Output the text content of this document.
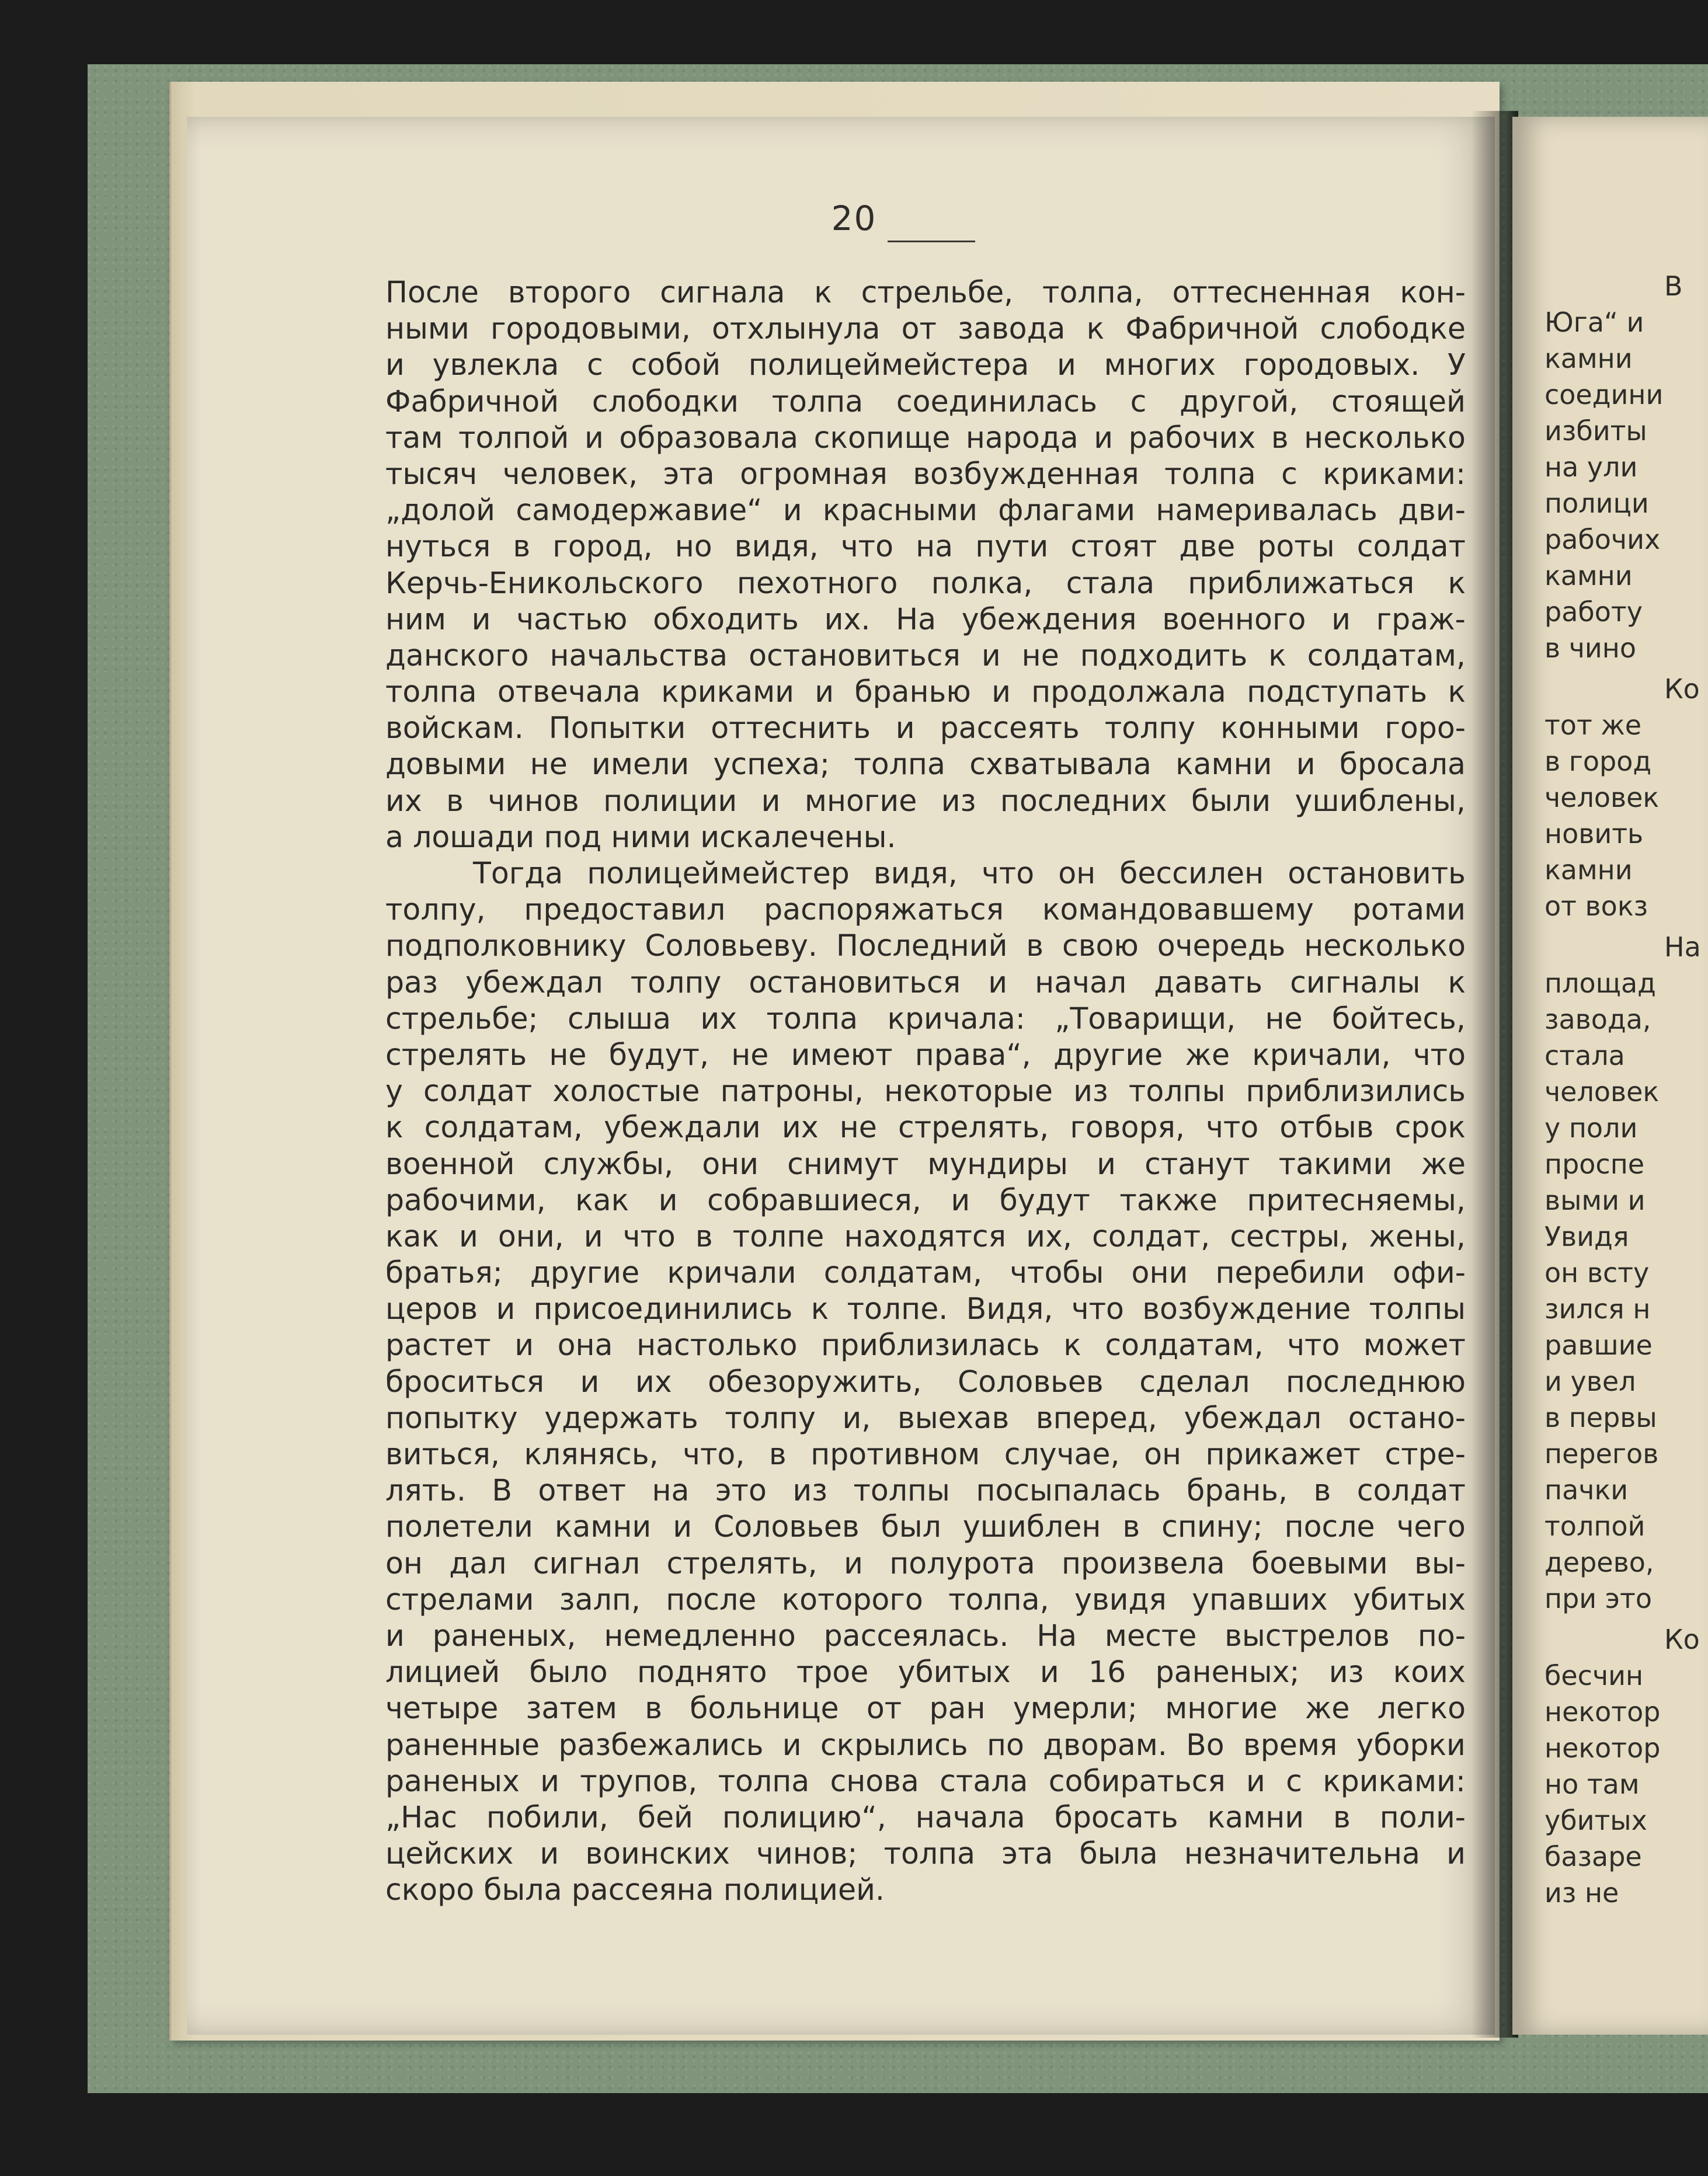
В
Юга“ и
камни
соедини
избиты
на ули
полици
рабочих
камни
работу
в чино
Ко
тот же
в город
человек
новить
камни
от вокз
На
площад
завода,
стала
человек
у поли
проспе
выми и
Увидя
он всту
зился н
равшие
и увел
в первы
перегов
пачки
толпой
дерево,
при это
Ко
бесчин
некотор
некотор
но там
убитых
базаре
из не
20
После второго сигнала к стрельбе, толпа, оттесненная кон-
ными городовыми, отхлынула от завода к Фабричной слободке
и увлекла с собой полицеймейстера и многих городовых. У
Фабричной слободки толпа соединилась с другой, стоящей
там толпой и образовала скопище народа и рабочих в несколько
тысяч человек, эта огромная возбужденная толпа с криками:
„долой самодержавие“ и красными флагами намеривалась дви-
нуться в город, но видя, что на пути стоят две роты солдат
Керчь-Еникольского пехотного полка, стала приближаться к
ним и частью обходить их. На убеждения военного и граж-
данского начальства остановиться и не подходить к солдатам,
толпа отвечала криками и бранью и продолжала подступать к
войскам. Попытки оттеснить и рассеять толпу конными горо-
довыми не имели успеха; толпа схватывала камни и бросала
их в чинов полиции и многие из последних были ушиблены,
а лошади под ними искалечены.
Тогда полицеймейстер видя, что он бессилен остановить
толпу, предоставил распоряжаться командовавшему ротами
подполковнику Соловьеву. Последний в свою очередь несколько
раз убеждал толпу остановиться и начал давать сигналы к
стрельбе; слыша их толпа кричала: „Товарищи, не бойтесь,
стрелять не будут, не имеют права“, другие же кричали, что
у солдат холостые патроны, некоторые из толпы приблизились
к солдатам, убеждали их не стрелять, говоря, что отбыв срок
военной службы, они снимут мундиры и станут такими же
рабочими, как и собравшиеся, и будут также притесняемы,
как и они, и что в толпе находятся их, солдат, сестры, жены,
братья; другие кричали солдатам, чтобы они перебили офи-
церов и присоединились к толпе. Видя, что возбуждение толпы
растет и она настолько приблизилась к солдатам, что может
броситься и их обезоружить, Соловьев сделал последнюю
попытку удержать толпу и, выехав вперед, убеждал остано-
виться, клянясь, что, в противном случае, он прикажет стре-
лять. В ответ на это из толпы посыпалась брань, в солдат
полетели камни и Соловьев был ушиблен в спину; после чего
он дал сигнал стрелять, и полурота произвела боевыми вы-
стрелами залп, после которого толпа, увидя упавших убитых
и раненых, немедленно рассеялась. На месте выстрелов по-
лицией было поднято трое убитых и 16 раненых; из коих
четыре затем в больнице от ран умерли; многие же легко
раненные разбежались и скрылись по дворам. Во время уборки
раненых и трупов, толпа снова стала собираться и с криками:
„Нас побили, бей полицию“, начала бросать камни в поли-
цейских и воинских чинов; толпа эта была незначительна и
скоро была рассеяна полицией.
